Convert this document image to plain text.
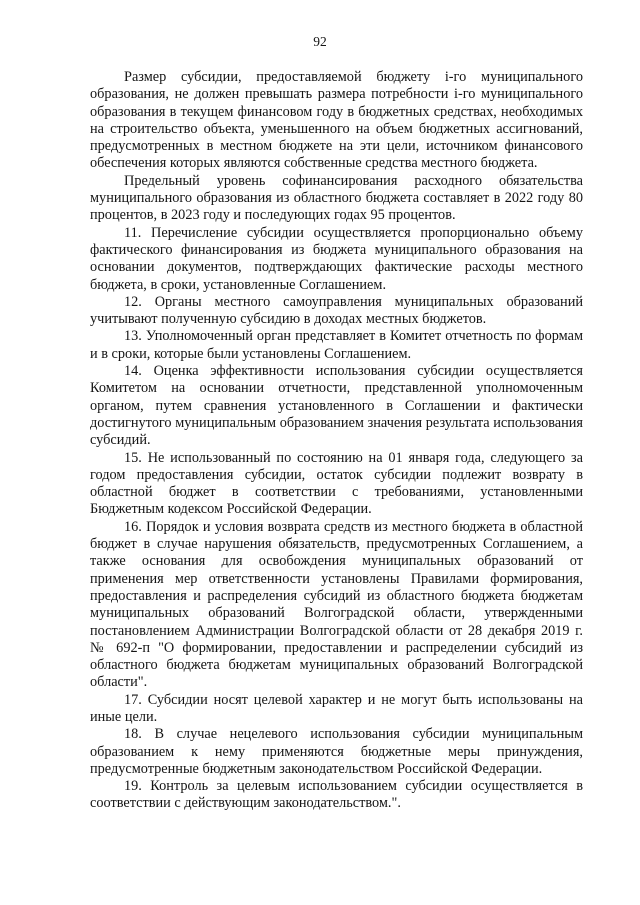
92

Размер субсидии, предоставляемой бюджету i-го муниципального образования, не должен превышать размера потребности i-го муниципального образования в текущем финансовом году в бюджетных средствах, необходимых на строительство объекта, уменьшенного на объем бюджетных ассигнований, предусмотренных в местном бюджете на эти цели, источником финансового обеспечения которых являются собственные средства местного бюджета.

Предельный уровень софинансирования расходного обязательства муниципального образования из областного бюджета составляет в 2022 году 80 процентов, в 2023 году и последующих годах 95 процентов.

11. Перечисление субсидии осуществляется пропорционально объему фактического финансирования из бюджета муниципального образования на основании документов, подтверждающих фактические расходы местного бюджета, в сроки, установленные Соглашением.

12. Органы местного самоуправления муниципальных образований учитывают полученную субсидию в доходах местных бюджетов.

13. Уполномоченный орган представляет в Комитет отчетность по формам и в сроки, которые были установлены Соглашением.

14. Оценка эффективности использования субсидии осуществляется Комитетом на основании отчетности, представленной уполномоченным органом, путем сравнения установленного в Соглашении и фактически достигнутого муниципальным образованием значения результата использования субсидий.

15. Не использованный по состоянию на 01 января года, следующего за годом предоставления субсидии, остаток субсидии подлежит возврату в областной бюджет в соответствии с требованиями, установленными Бюджетным кодексом Российской Федерации.

16. Порядок и условия возврата средств из местного бюджета в областной бюджет в случае нарушения обязательств, предусмотренных Соглашением, а также основания для освобождения муниципальных образований от применения мер ответственности установлены Правилами формирования, предоставления и распределения субсидий из областного бюджета бюджетам муниципальных образований Волгоградской области, утвержденными постановлением Администрации Волгоградской области от 28 декабря 2019 г. № 692-п "О формировании, предоставлении и распределении субсидий из областного бюджета бюджетам муниципальных образований Волгоградской области".

17. Субсидии носят целевой характер и не могут быть использованы на иные цели.

18. В случае нецелевого использования субсидии муниципальным образованием к нему применяются бюджетные меры принуждения, предусмотренные бюджетным законодательством Российской Федерации.

19. Контроль за целевым использованием субсидии осуществляется в соответствии с действующим законодательством.".
